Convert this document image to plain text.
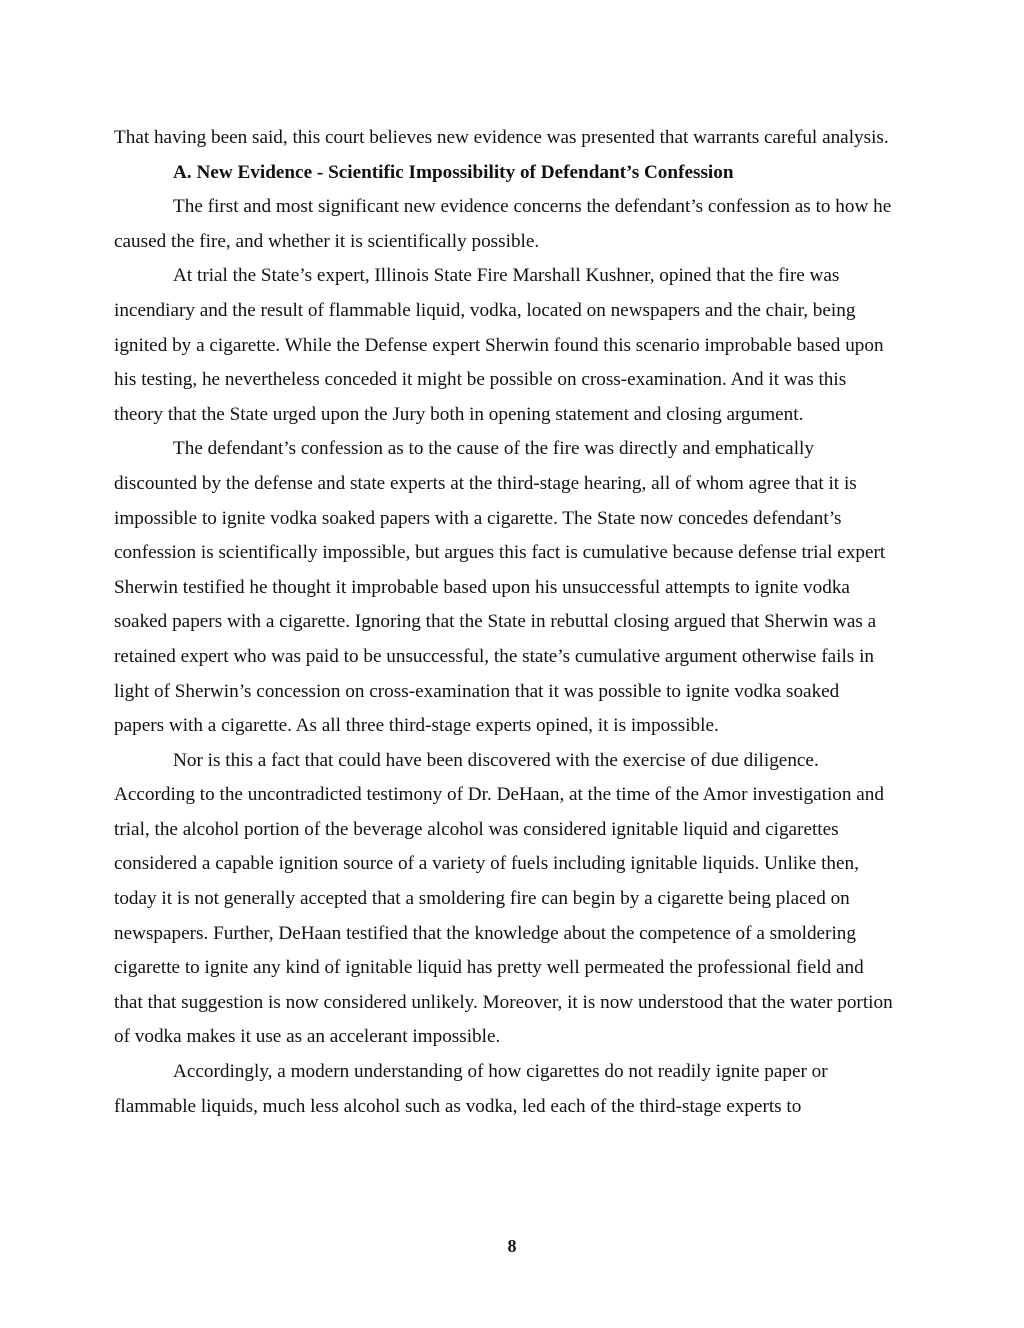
That having been said, this court believes new evidence was presented that warrants careful analysis.

A. New Evidence - Scientific Impossibility of Defendant’s Confession

The first and most significant new evidence concerns the defendant’s confession as to how he caused the fire, and whether it is scientifically possible.

At trial the State’s expert, Illinois State Fire Marshall Kushner, opined that the fire was incendiary and the result of flammable liquid, vodka, located on newspapers and the chair, being ignited by a cigarette. While the Defense expert Sherwin found this scenario improbable based upon his testing, he nevertheless conceded it might be possible on cross-examination. And it was this theory that the State urged upon the Jury both in opening statement and closing argument.

The defendant’s confession as to the cause of the fire was directly and emphatically discounted by the defense and state experts at the third-stage hearing, all of whom agree that it is impossible to ignite vodka soaked papers with a cigarette. The State now concedes defendant’s confession is scientifically impossible, but argues this fact is cumulative because defense trial expert Sherwin testified he thought it improbable based upon his unsuccessful attempts to ignite vodka soaked papers with a cigarette. Ignoring that the State in rebuttal closing argued that Sherwin was a retained expert who was paid to be unsuccessful, the state’s cumulative argument otherwise fails in light of Sherwin’s concession on cross-examination that it was possible to ignite vodka soaked papers with a cigarette. As all three third-stage experts opined, it is impossible.

Nor is this a fact that could have been discovered with the exercise of due diligence. According to the uncontradicted testimony of Dr. DeHaan, at the time of the Amor investigation and trial, the alcohol portion of the beverage alcohol was considered ignitable liquid and cigarettes considered a capable ignition source of a variety of fuels including ignitable liquids. Unlike then, today it is not generally accepted that a smoldering fire can begin by a cigarette being placed on newspapers. Further, DeHaan testified that the knowledge about the competence of a smoldering cigarette to ignite any kind of ignitable liquid has pretty well permeated the professional field and that that suggestion is now considered unlikely. Moreover, it is now understood that the water portion of vodka makes it use as an accelerant impossible.

Accordingly, a modern understanding of how cigarettes do not readily ignite paper or flammable liquids, much less alcohol such as vodka, led each of the third-stage experts to

8
